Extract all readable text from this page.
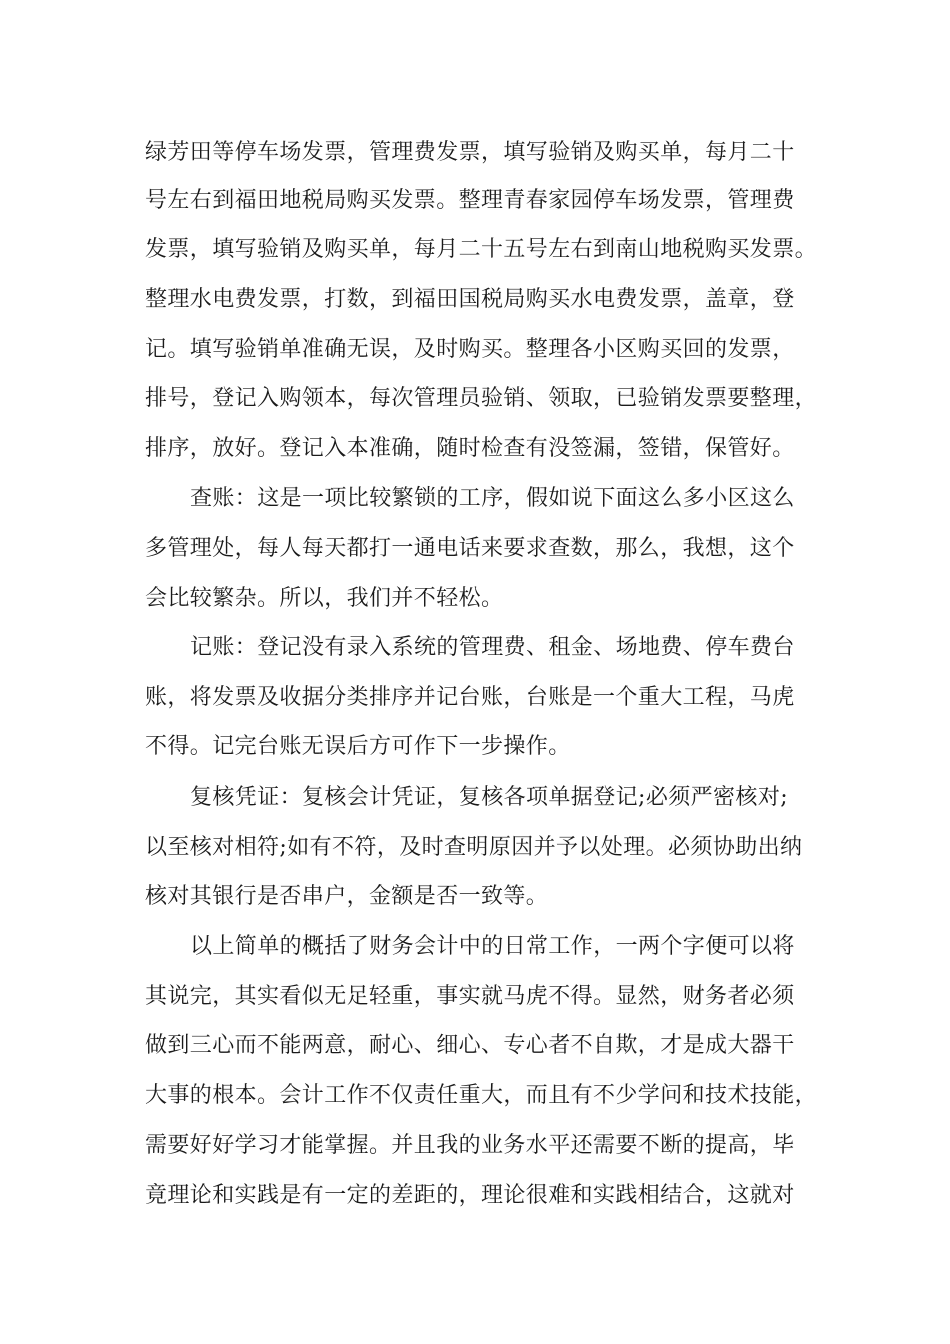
绿芳田等停车场发票，管理费发票，填写验销及购买单，每月二十

号左右到福田地税局购买发票。整理青春家园停车场发票，管理费

发票，填写验销及购买单，每月二十五号左右到南山地税购买发票。

整理水电费发票，打数，到福田国税局购买水电费发票，盖章，登

记。填写验销单准确无误，及时购买。整理各小区购买回的发票，

排号，登记入购领本，每次管理员验销、领取，已验销发票要整理，

排序，放好。登记入本准确，随时检查有没签漏，签错，保管好。

查账：这是一项比较繁锁的工序，假如说下面这么多小区这么

多管理处，每人每天都打一通电话来要求查数，那么，我想，这个

会比较繁杂。所以，我们并不轻松。

记账：登记没有录入系统的管理费、租金、场地费、停车费台

账，将发票及收据分类排序并记台账，台账是一个重大工程，马虎

不得。记完台账无误后方可作下一步操作。

复核凭证：复核会计凭证，复核各项单据登记;必须严密核对;

以至核对相符;如有不符，及时查明原因并予以处理。必须协助出纳

核对其银行是否串户，金额是否一致等。

以上简单的概括了财务会计中的日常工作，一两个字便可以将

其说完，其实看似无足轻重，事实就马虎不得。显然，财务者必须

做到三心而不能两意，耐心、细心、专心者不自欺，才是成大器干

大事的根本。会计工作不仅责任重大，而且有不少学问和技术技能，

需要好好学习才能掌握。并且我的业务水平还需要不断的提高，毕

竟理论和实践是有一定的差距的，理论很难和实践相结合，这就对
